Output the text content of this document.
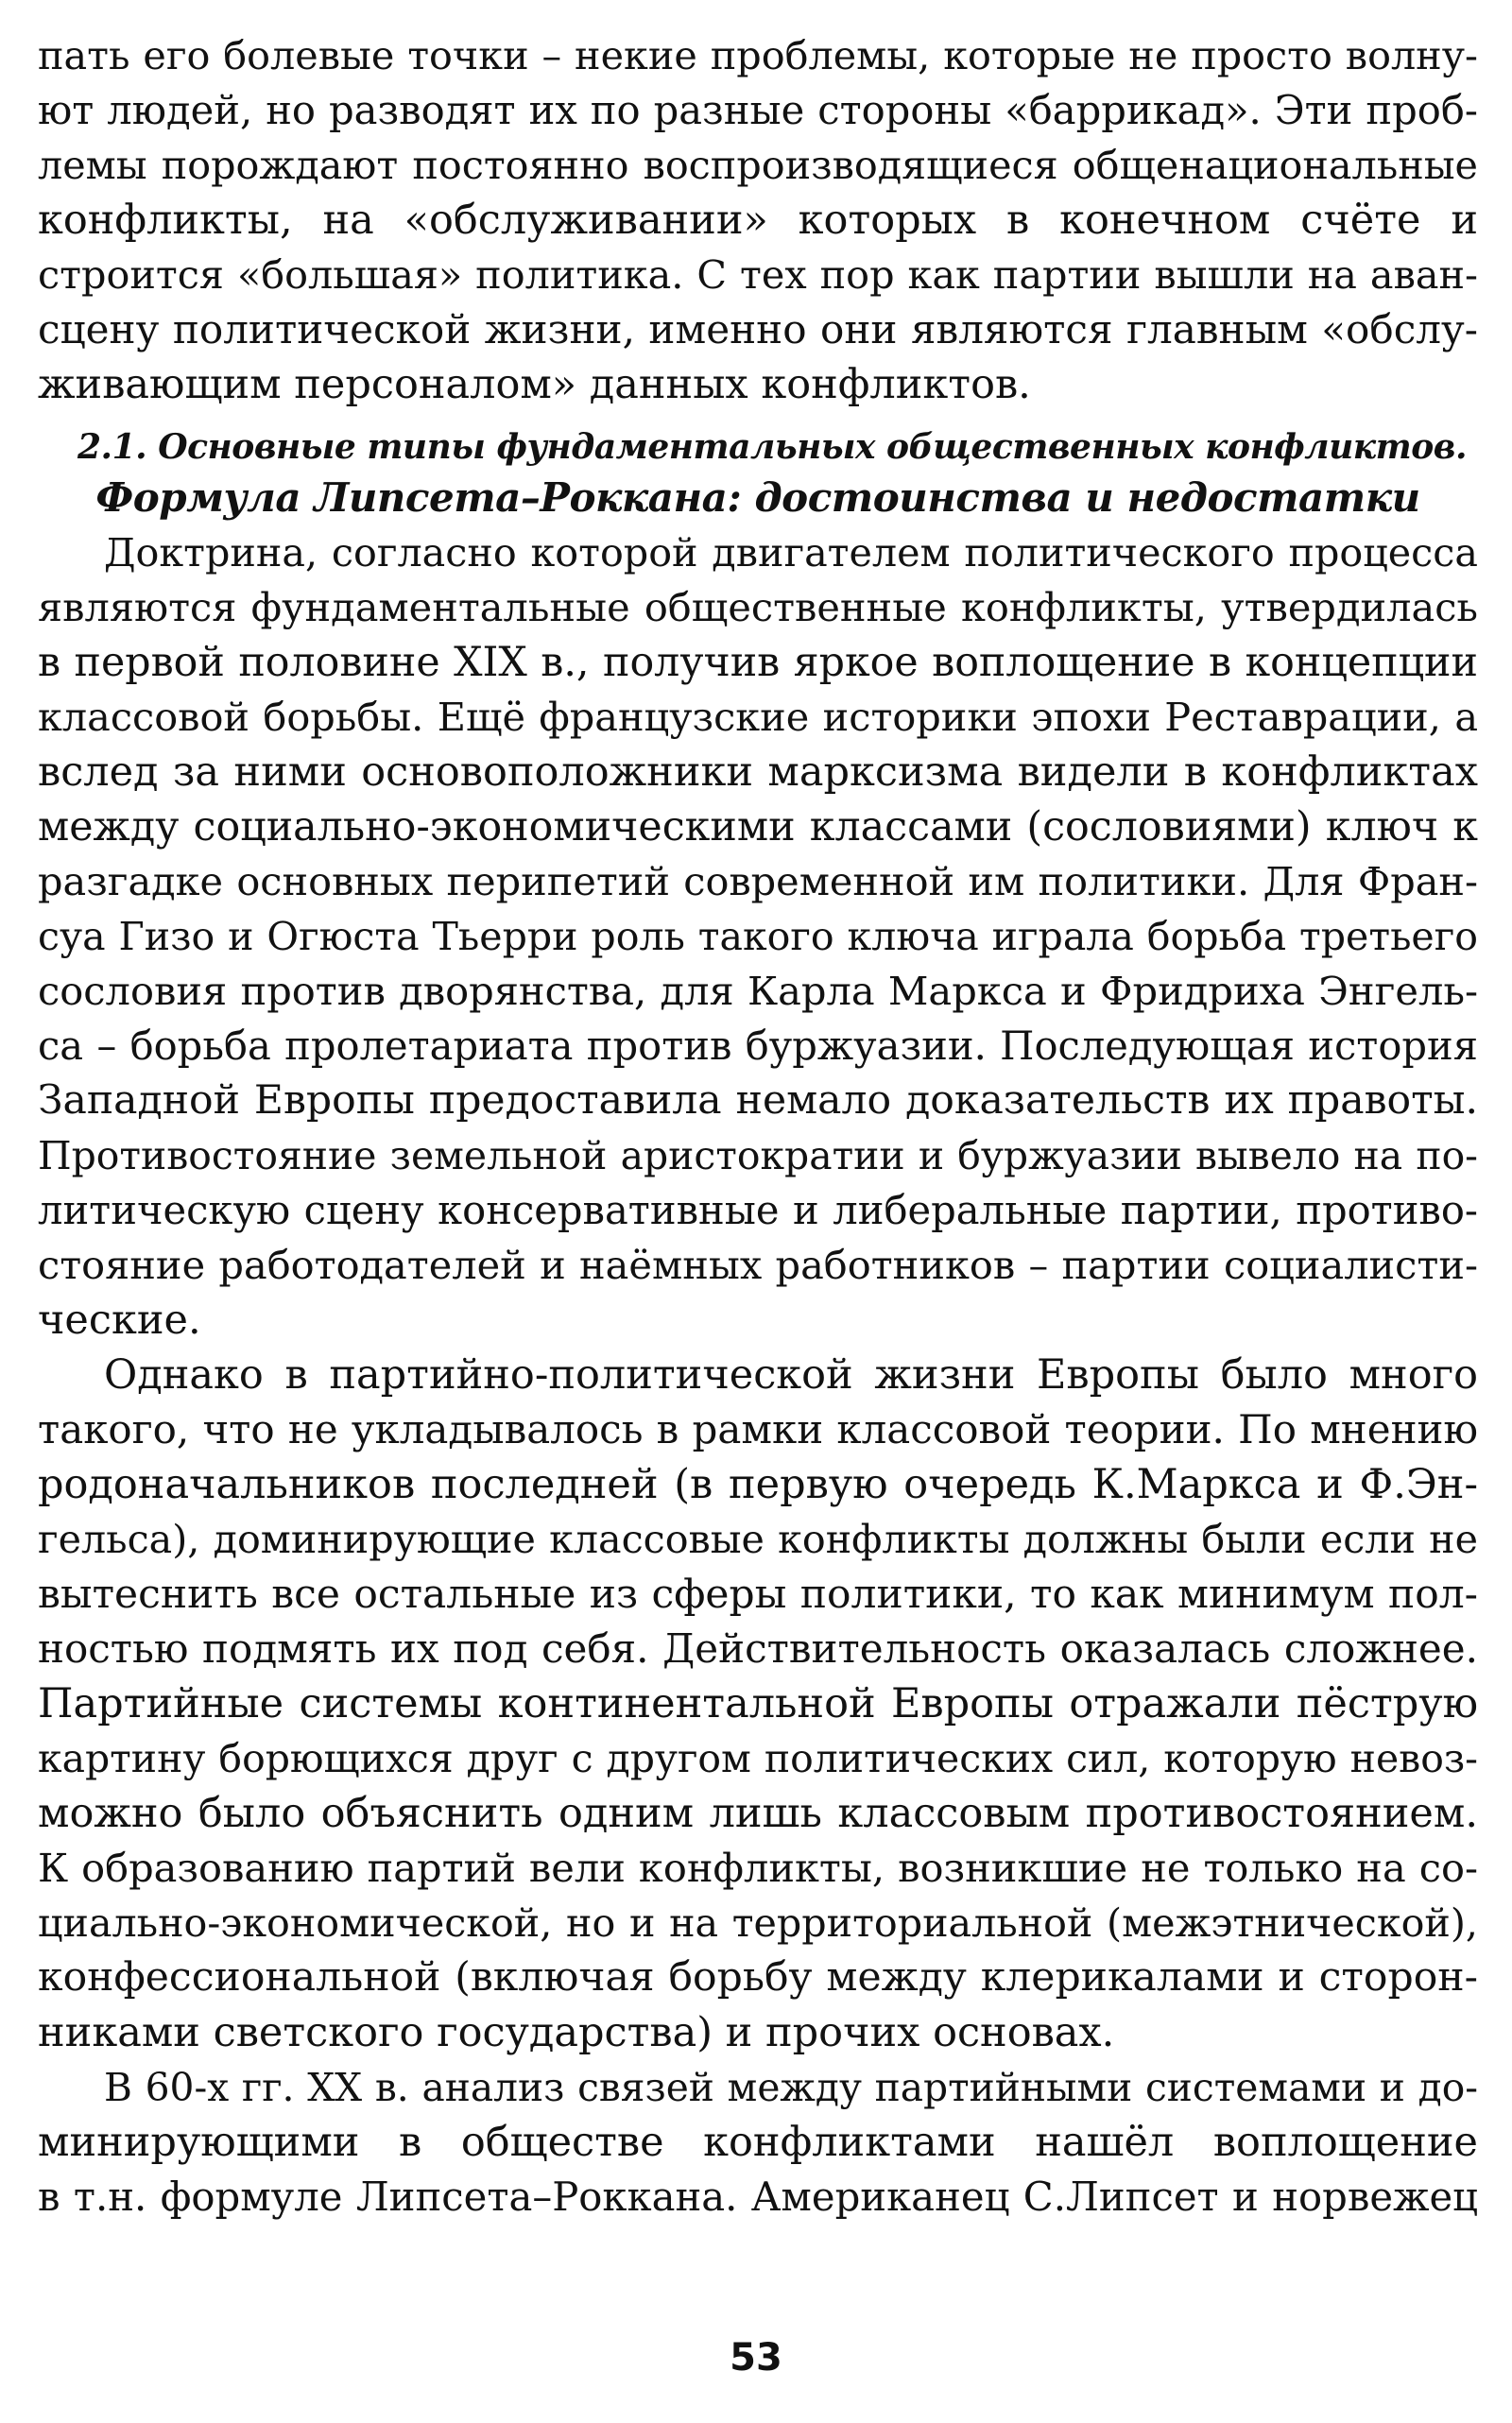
пать его болевые точки – некие проблемы, которые не просто волну-
ют людей, но разводят их по разные стороны «баррикад». Эти проб-
лемы порождают постоянно воспроизводящиеся общенациональные
конфликты, на «обслуживании» которых в конечном счёте и
строится «большая» политика. С тех пор как партии вышли на аван-
сцену политической жизни, именно они являются главным «обслу-
живающим персоналом» данных конфликтов.
2.1. Основные типы фундаментальных общественных конфликтов.
Формула Липсета–Роккана: достоинства и недостатки
Доктрина, согласно которой двигателем политического процесса
являются фундаментальные общественные конфликты, утвердилась
в первой половине XIX в., получив яркое воплощение в концепции
классовой борьбы. Ещё французские историки эпохи Реставрации, а
вслед за ними основоположники марксизма видели в конфликтах
между социально-экономическими классами (сословиями) ключ к
разгадке основных перипетий современной им политики. Для Фран-
суа Гизо и Огюста Тьерри роль такого ключа играла борьба третьего
сословия против дворянства, для Карла Маркса и Фридриха Энгель-
са – борьба пролетариата против буржуазии. Последующая история
Западной Европы предоставила немало доказательств их правоты.
Противостояние земельной аристократии и буржуазии вывело на по-
литическую сцену консервативные и либеральные партии, противо-
стояние работодателей и наёмных работников – партии социалисти-
ческие.
Однако в партийно-политической жизни Европы было много
такого, что не укладывалось в рамки классовой теории. По мнению
родоначальников последней (в первую очередь К.Маркса и Ф.Эн-
гельса), доминирующие классовые конфликты должны были если не
вытеснить все остальные из сферы политики, то как минимум пол-
ностью подмять их под себя. Действительность оказалась сложнее.
Партийные системы континентальной Европы отражали пёструю
картину борющихся друг с другом политических сил, которую невоз-
можно было объяснить одним лишь классовым противостоянием.
К образованию партий вели конфликты, возникшие не только на со-
циально-экономической, но и на территориальной (межэтнической),
конфессиональной (включая борьбу между клерикалами и сторон-
никами светского государства) и прочих основах.
В 60-х гг. XX в. анализ связей между партийными системами и до-
минирующими в обществе конфликтами нашёл воплощение
в т.н. формуле Липсета–Роккана. Американец С.Липсет и норвежец
53
